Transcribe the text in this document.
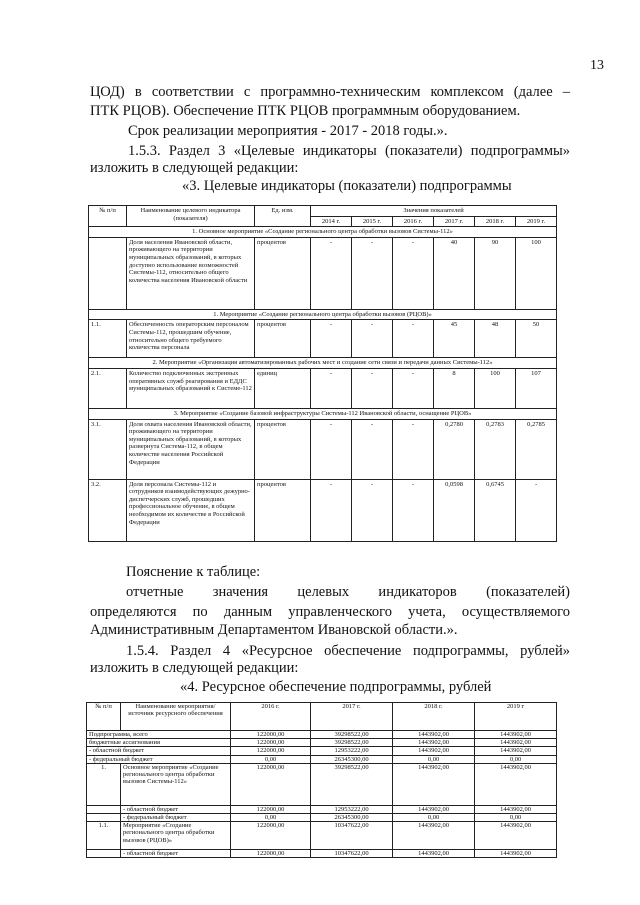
13
ЦОД) в соответствии с программно-техническим комплексом (далее –
ПТК РЦОВ). Обеспечение ПТК РЦОВ программным оборудованием.
Срок реализации мероприятия - 2017 - 2018 годы.».
1.5.3. Раздел 3 «Целевые индикаторы (показатели) подпрограммы»
изложить в следующей редакции:
«3. Целевые индикаторы (показатели) подпрограммы
№ п/п	Наименование целевого индикатора (показателя)	Ед. изм.	Значения показателей					
			2014 г.	2015 г.	2016 г.	2017 г.	2018 г.	2019 г.
1. Основное мероприятие «Создание регионального центра обработки вызовов Системы-112»								
	Доля населения Ивановской области, проживающего на территории муниципальных образований, в которых доступно использование возможностей Системы-112, относительно общего количества населения Ивановской области	процентов	-	-	-	40	90	100
1. Мероприятие «Создание регионального центра обработки вызовов (РЦОВ)»								
1.1.	Обеспеченность операторским персоналом Системы-112, прошедшим обучение, относительно общего требуемого количества персонала	процентов	-	-	-	45	48	50
2. Мероприятие «Организация автоматизированных рабочих мест и создание сети связи и передачи данных Системы-112»								
2.1.	Количество подключенных экстренных оперативных служб реагирования и ЕДДС муниципальных образований к Системе-112	единиц	-	-	-	8	100	107
3. Мероприятие «Создание базовой инфраструктуры Системы-112 Ивановской области, оснащение РЦОВ»								
3.1.	Доля охвата населения Ивановской области, проживающего на территории муниципальных образований, в которых развернута Система-112, в общем количестве населения Российской Федерации	процентов	-	-	-	0,2780	0,2783	0,2785
3.2.	Доля персонала Системы-112 и сотрудников взаимодействующих дежурно-диспетчерских служб, прошедших профессиональное обучение, в общем необходимом их количестве в Российской Федерации	процентов	-	-	-	0,0598	0,6745	-
Пояснение к таблице:
отчетные значения целевых индикаторов (показателей)
определяются по данным управленческого учета, осуществляемого
Административным Департаментом Ивановской области.».
1.5.4. Раздел 4 «Ресурсное обеспечение подпрограммы, рублей»
изложить в следующей редакции:
«4. Ресурсное обеспечение подпрограммы, рублей
№ п/п	Наименование мероприятия/ источник ресурсного обеспечения	2016 г.	2017 г.	2018 г.	2019 г
Подпрограмма, всего		122000,00	39298522,00	1443902,00	1443902,00
бюджетные ассигнования		122000,00	39298522,00	1443902,00	1443902,00
- областной бюджет		122000,00	12953222,00	1443902,00	1443902,00
- федеральный бюджет		0,00	26345300,00	0,00	0,00
1.	Основное мероприятие «Создание регионального центра обработки вызовов Системы-112»	122000,00	39298522,00	1443902,00	1443902,00
	- областной бюджет	122000,00	12953222,00	1443902,00	1443902,00
	- федеральный бюджет	0,00	26345300,00	0,00	0,00
1.1.	Мероприятие «Создание регионального центра обработки вызовов (РЦОВ)»	122000,00	10347622,00	1443902,00	1443902,00
	- областной бюджет	122000,00	10347622,00	1443902,00	1443902,00
